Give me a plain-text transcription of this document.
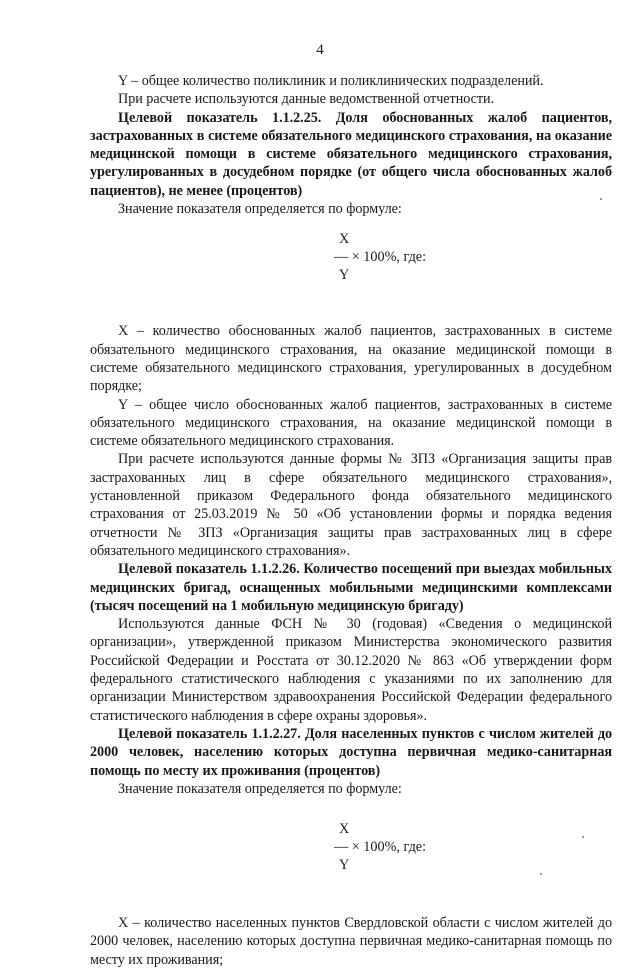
4

Y – общее количество поликлиник и поликлинических подразделений.

При расчете используются данные ведомственной отчетности.

Целевой показатель 1.1.2.25. Доля обоснованных жалоб пациентов, застрахованных в системе обязательного медицинского страхования, на оказание медицинской помощи в системе обязательного медицинского страхования, урегулированных в досудебном порядке (от общего числа обоснованных жалоб пациентов), не менее (процентов)

Значение показателя определяется по формуле:

X
— × 100%, где:
Y

X – количество обоснованных жалоб пациентов, застрахованных в системе обязательного медицинского страхования, на оказание медицинской помощи в системе обязательного медицинского страхования, урегулированных в досудебном порядке;

Y – общее число обоснованных жалоб пациентов, застрахованных в системе обязательного медицинского страхования, на оказание медицинской помощи в системе обязательного медицинского страхования.

При расчете используются данные формы № ЗПЗ «Организация защиты прав застрахованных лиц в сфере обязательного медицинского страхования», установленной приказом Федерального фонда обязательного медицинского страхования от 25.03.2019 № 50 «Об установлении формы и порядка ведения отчетности № ЗПЗ «Организация защиты прав застрахованных лиц в сфере обязательного медицинского страхования».

Целевой показатель 1.1.2.26. Количество посещений при выездах мобильных медицинских бригад, оснащенных мобильными медицинскими комплексами (тысяч посещений на 1 мобильную медицинскую бригаду)

Используются данные ФСН № 30 (годовая) «Сведения о медицинской организации», утвержденной приказом Министерства экономического развития Российской Федерации и Росстата от 30.12.2020 № 863 «Об утверждении форм федерального статистического наблюдения с указаниями по их заполнению для организации Министерством здравоохранения Российской Федерации федерального статистического наблюдения в сфере охраны здоровья».

Целевой показатель 1.1.2.27. Доля населенных пунктов с числом жителей до 2000 человек, населению которых доступна первичная медико-санитарная помощь по месту их проживания (процентов)

Значение показателя определяется по формуле:

X
— × 100%, где:
Y

X – количество населенных пунктов Свердловской области с числом жителей до 2000 человек, населению которых доступна первичная медико-санитарная помощь по месту их проживания;
